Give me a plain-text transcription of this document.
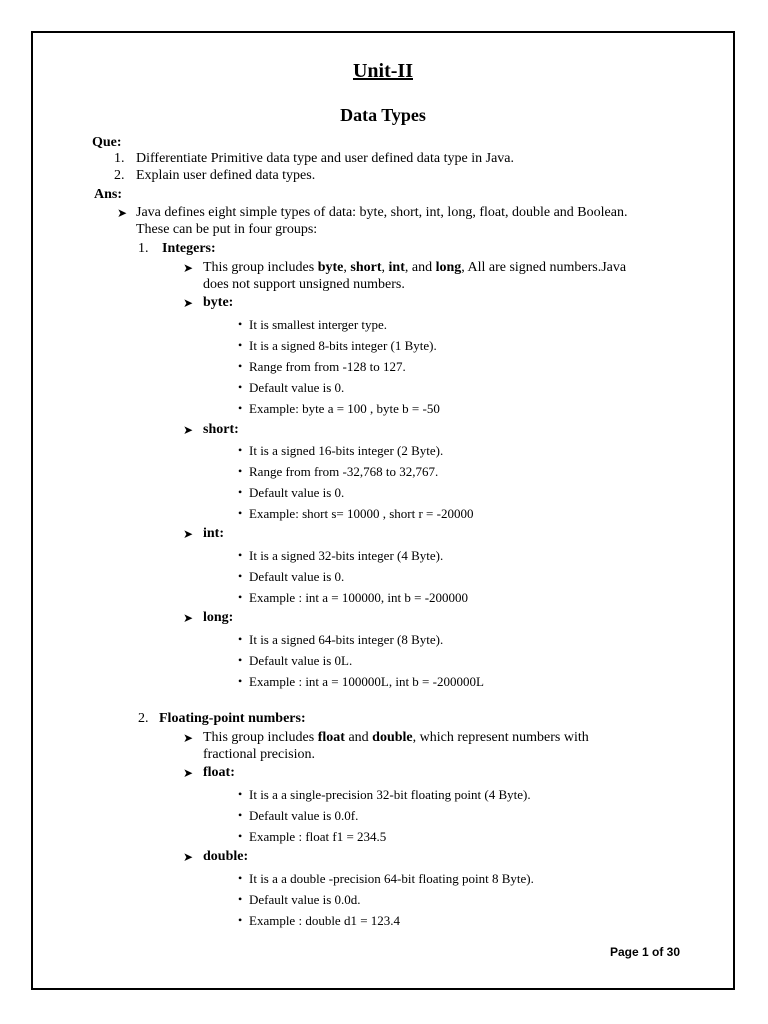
Unit-II
Data Types
Que:
1. Differentiate Primitive data type and user defined data type in Java.
2. Explain user defined data types.
Ans:
➤ Java defines eight simple types of data: byte, short, int, long, float, double and Boolean.
These can be put in four groups:
1. Integers:
➤ This group includes byte, short, int, and long, All are signed numbers.Java
does not support unsigned numbers.
➤ byte:
• It is smallest interger type.
• It is a signed 8-bits integer (1 Byte).
• Range from from -128 to 127.
• Default value is 0.
• Example: byte a = 100 , byte b = -50
➤ short:
• It is a signed 16-bits integer (2 Byte).
• Range from from -32,768 to 32,767.
• Default value is 0.
• Example: short s= 10000 , short r = -20000
➤ int:
• It is a signed 32-bits integer (4 Byte).
• Default value is 0.
• Example : int a = 100000, int b = -200000
➤ long:
• It is a signed 64-bits integer (8 Byte).
• Default value is 0L.
• Example : int a = 100000L, int b = -200000L
2. Floating-point numbers:
➤ This group includes float and double, which represent numbers with
fractional precision.
➤ float:
• It is a a single-precision 32-bit floating point (4 Byte).
• Default value is 0.0f.
• Example : float f1 = 234.5
➤ double:
• It is a a double -precision 64-bit floating point 8 Byte).
• Default value is 0.0d.
• Example : double d1 = 123.4
Page 1 of 30
